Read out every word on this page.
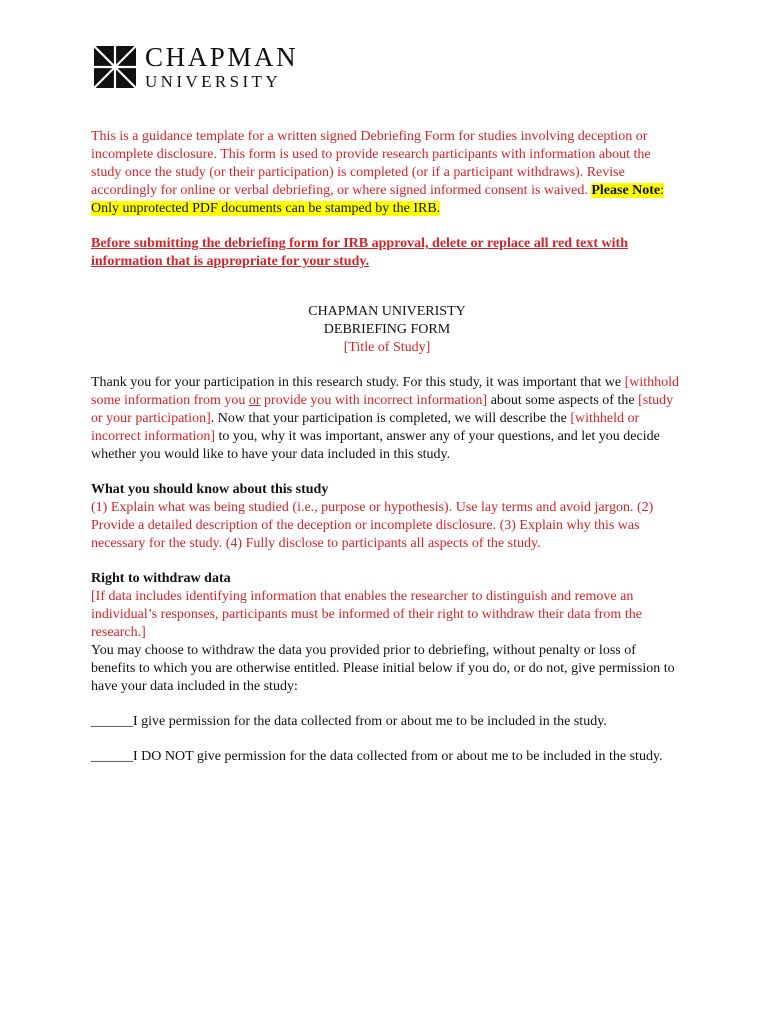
CHAPMAN
UNIVERSITY

This is a guidance template for a written signed Debriefing Form for studies involving deception or incomplete disclosure. This form is used to provide research participants with information about the study once the study (or their participation) is completed (or if a participant withdraws). Revise accordingly for online or verbal debriefing, or where signed informed consent is waived. Please Note: Only unprotected PDF documents can be stamped by the IRB.

Before submitting the debriefing form for IRB approval, delete or replace all red text with information that is appropriate for your study.

CHAPMAN UNIVERISTY
DEBRIEFING FORM
[Title of Study]

Thank you for your participation in this research study. For this study, it was important that we [withhold some information from you or provide you with incorrect information] about some aspects of the [study or your participation]. Now that your participation is completed, we will describe the [withheld or incorrect information] to you, why it was important, answer any of your questions, and let you decide whether you would like to have your data included in this study.

What you should know about this study

(1) Explain what was being studied (i.e., purpose or hypothesis). Use lay terms and avoid jargon. (2) Provide a detailed description of the deception or incomplete disclosure. (3) Explain why this was necessary for the study. (4) Fully disclose to participants all aspects of the study.

Right to withdraw data

[If data includes identifying information that enables the researcher to distinguish and remove an individual’s responses, participants must be informed of their right to withdraw their data from the research.]

You may choose to withdraw the data you provided prior to debriefing, without penalty or loss of benefits to which you are otherwise entitled. Please initial below if you do, or do not, give permission to have your data included in the study:

______I give permission for the data collected from or about me to be included in the study.

______I DO NOT give permission for the data collected from or about me to be included in the study.
